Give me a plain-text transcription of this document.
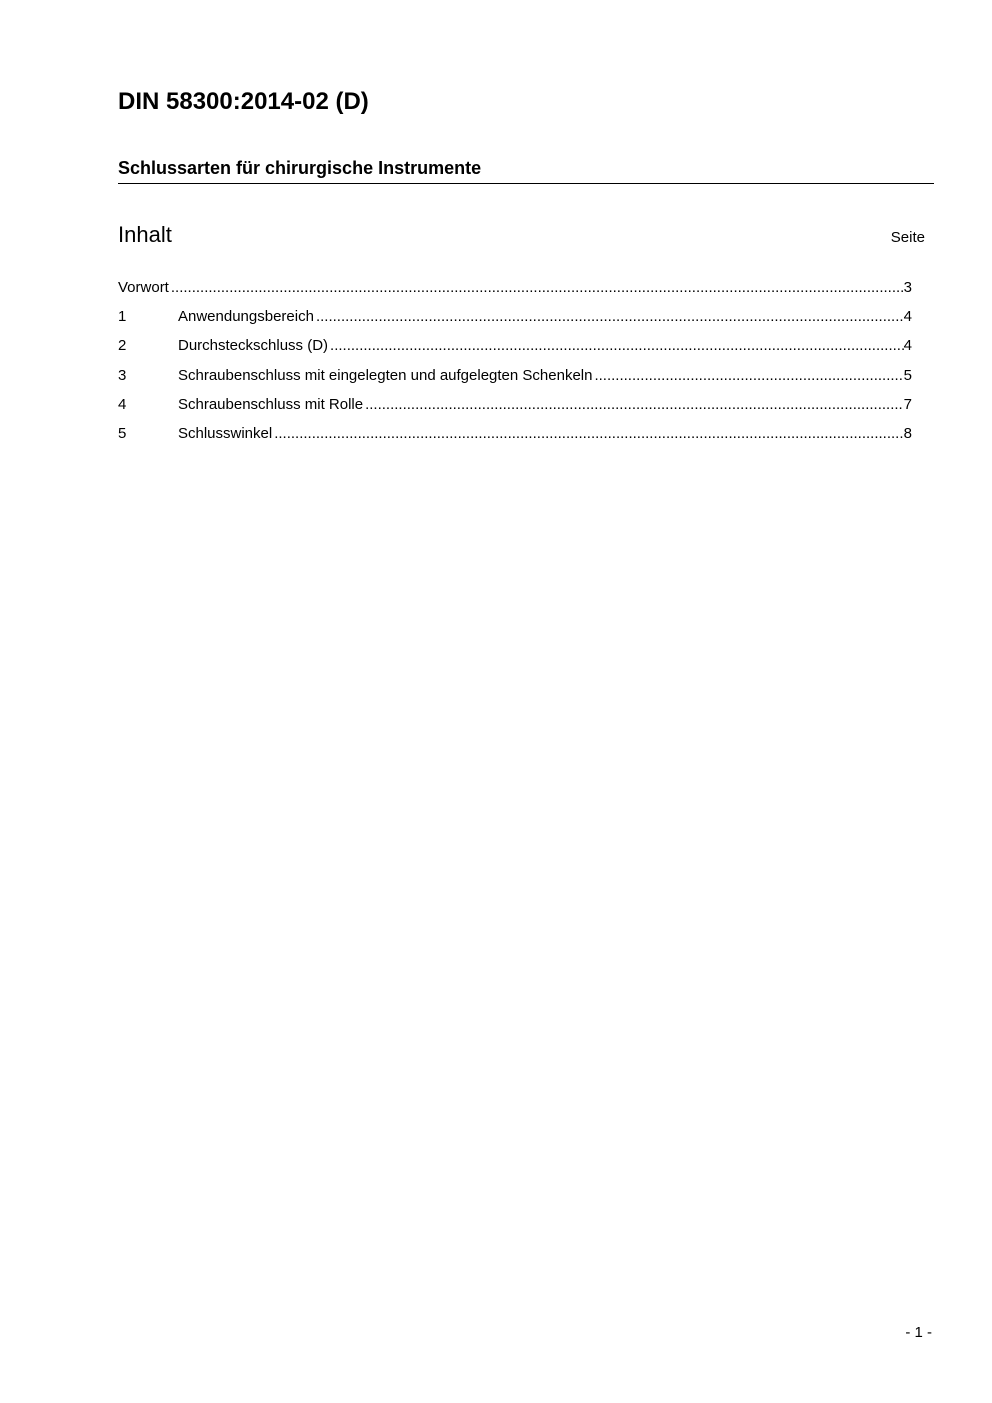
DIN 58300:2014-02 (D)
Schlussarten für chirurgische Instrumente
Inhalt	Seite
Vorwort .....	3
1	Anwendungsbereich .....	4
2	Durchsteckschluss (D) .....	4
3	Schraubenschluss mit eingelegten und aufgelegten Schenkeln .....	5
4	Schraubenschluss mit Rolle .....	7
5	Schlusswinkel .....	8
- 1 -
